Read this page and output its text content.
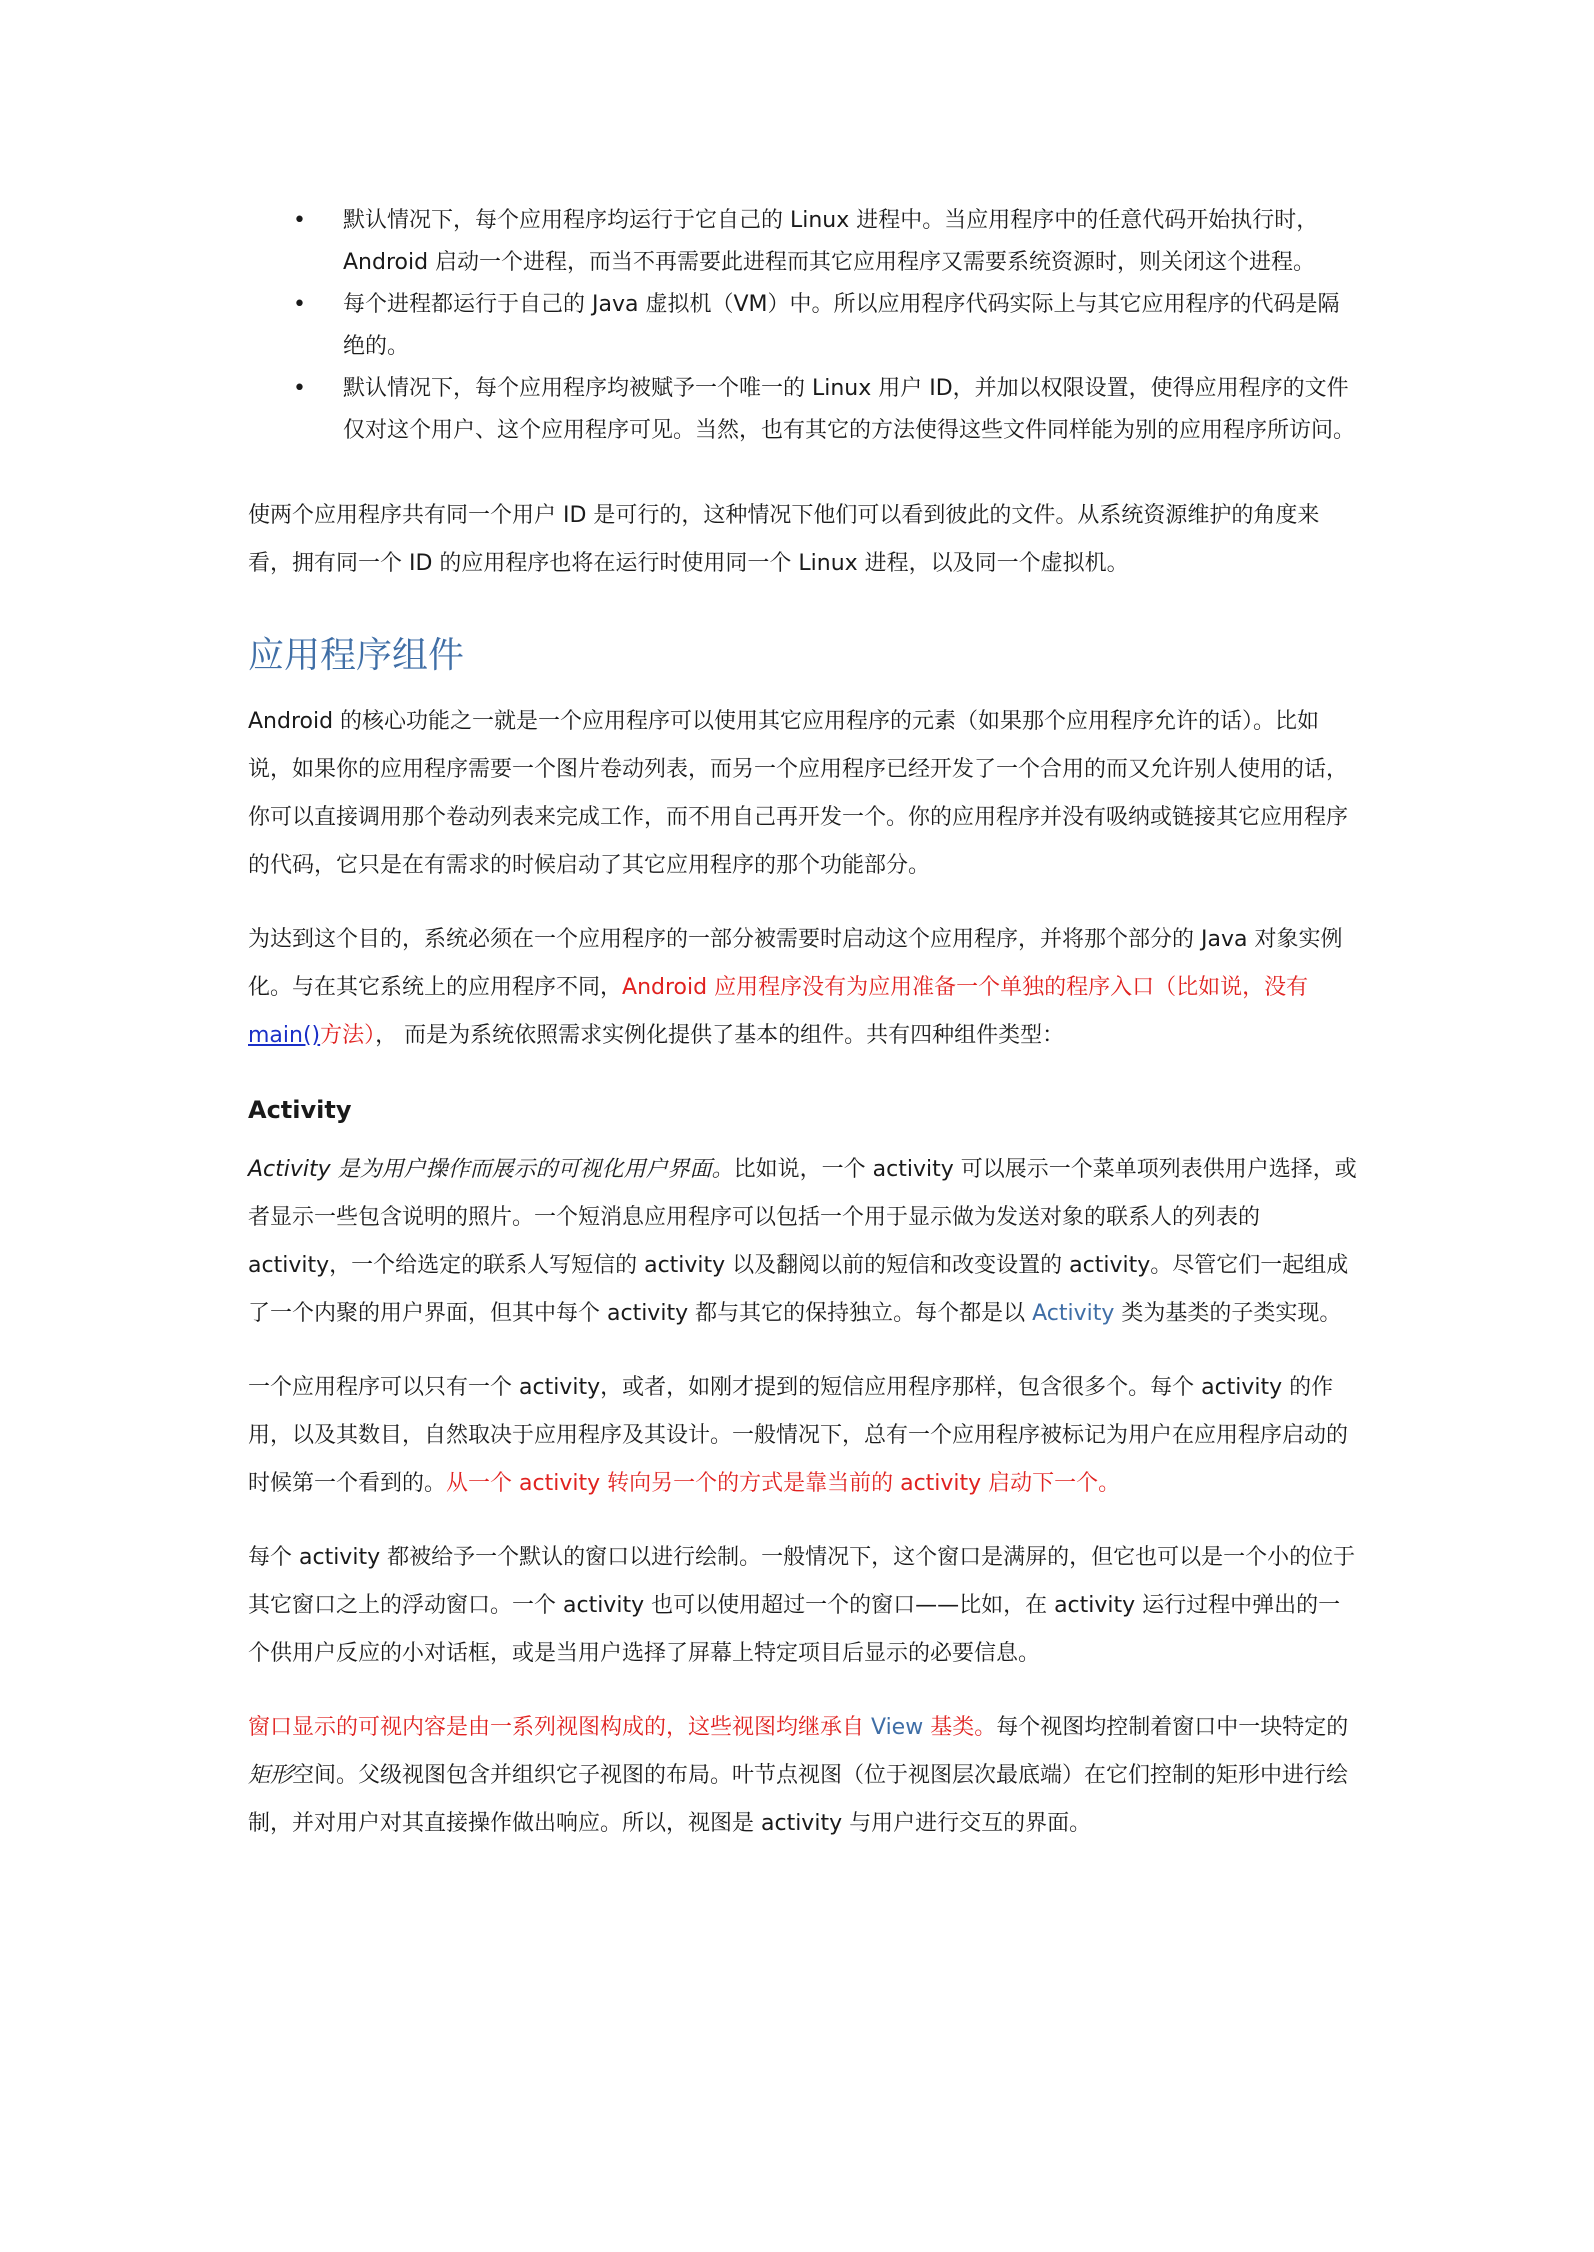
• 默认情况下，每个应用程序均运行于它自己的 Linux 进程中。当应用程序中的任意代码开始执行时，Android 启动一个进程，而当不再需要此进程而其它应用程序又需要系统资源时，则关闭这个进程。
• 每个进程都运行于自己的 Java 虚拟机（VM）中。所以应用程序代码实际上与其它应用程序的代码是隔绝的。
• 默认情况下，每个应用程序均被赋予一个唯一的 Linux 用户 ID，并加以权限设置，使得应用程序的文件仅对这个用户、这个应用程序可见。当然，也有其它的方法使得这些文件同样能为别的应用程序所访问。

使两个应用程序共有同一个用户 ID 是可行的，这种情况下他们可以看到彼此的文件。从系统资源维护的角度来看，拥有同一个 ID 的应用程序也将在运行时使用同一个 Linux 进程，以及同一个虚拟机。

应用程序组件

Android 的核心功能之一就是一个应用程序可以使用其它应用程序的元素（如果那个应用程序允许的话）。比如说，如果你的应用程序需要一个图片卷动列表，而另一个应用程序已经开发了一个合用的而又允许别人使用的话，你可以直接调用那个卷动列表来完成工作，而不用自己再开发一个。你的应用程序并没有吸纳或链接其它应用程序的代码，它只是在有需求的时候启动了其它应用程序的那个功能部分。

为达到这个目的，系统必须在一个应用程序的一部分被需要时启动这个应用程序，并将那个部分的 Java 对象实例化。与在其它系统上的应用程序不同，Android 应用程序没有为应用准备一个单独的程序入口（比如说，没有 main()方法）， 而是为系统依照需求实例化提供了基本的组件。共有四种组件类型：

Activity

Activity 是为用户操作而展示的可视化用户界面。比如说，一个 activity 可以展示一个菜单项列表供用户选择，或者显示一些包含说明的照片。一个短消息应用程序可以包括一个用于显示做为发送对象的联系人的列表的 activity，一个给选定的联系人写短信的 activity 以及翻阅以前的短信和改变设置的 activity。尽管它们一起组成了一个内聚的用户界面，但其中每个 activity 都与其它的保持独立。每个都是以 Activity 类为基类的子类实现。

一个应用程序可以只有一个 activity，或者，如刚才提到的短信应用程序那样，包含很多个。每个 activity 的作用，以及其数目，自然取决于应用程序及其设计。一般情况下，总有一个应用程序被标记为用户在应用程序启动的时候第一个看到的。从一个 activity 转向另一个的方式是靠当前的 activity 启动下一个。

每个 activity 都被给予一个默认的窗口以进行绘制。一般情况下，这个窗口是满屏的，但它也可以是一个小的位于其它窗口之上的浮动窗口。一个 activity 也可以使用超过一个的窗口——比如，在 activity 运行过程中弹出的一个供用户反应的小对话框，或是当用户选择了屏幕上特定项目后显示的必要信息。

窗口显示的可视内容是由一系列视图构成的，这些视图均继承自 View 基类。每个视图均控制着窗口中一块特定的矩形空间。父级视图包含并组织它子视图的布局。叶节点视图（位于视图层次最底端）在它们控制的矩形中进行绘制，并对用户对其直接操作做出响应。所以，视图是 activity 与用户进行交互的界面。
